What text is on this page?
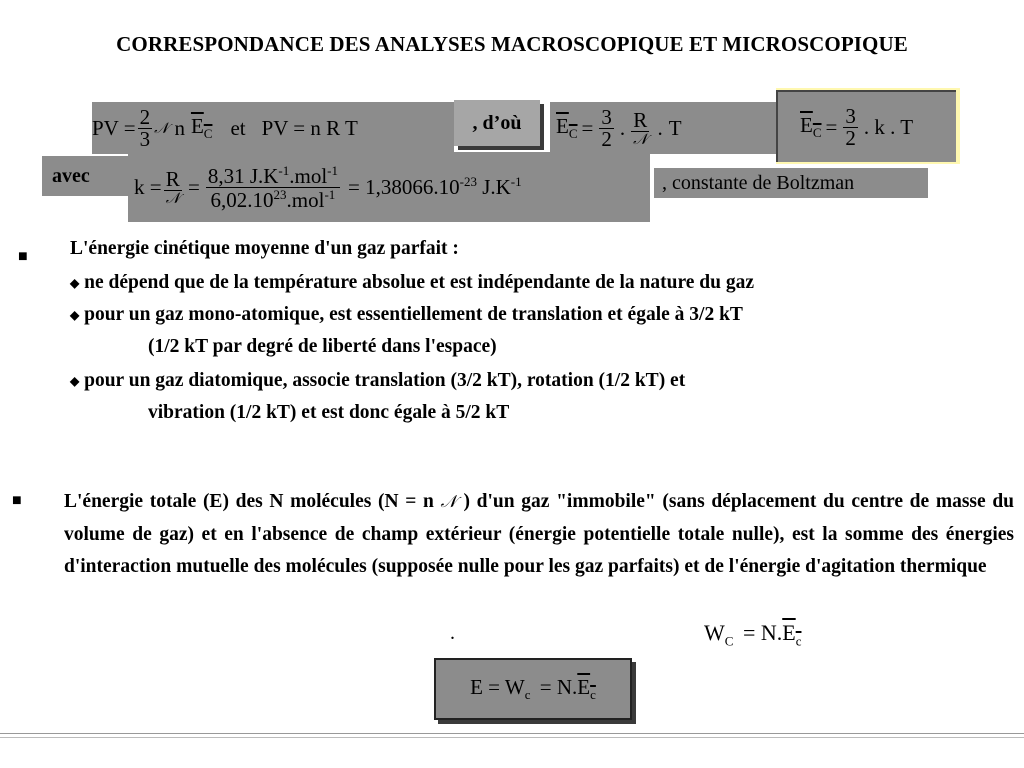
CORRESPONDANCE DES ANALYSES MACROSCOPIQUE ET MICROSCOPIQUE
PV = $\frac{2}{3}$ 𝒩 n $E_C$ et PV = n R T	, d’où $E_C = \frac{3}{2}$ . $\frac{R}{\text{𝒩}}$ . T	$E_C = \frac{3}{2}$ . k . T
avec $k = \frac{R}{\text{𝒩}} = \frac{8,31 J.K^{-1}.mol^{-1}}{6,02.10^{23}.mol^{-1}} = 1,38066.10^{-23}$ $J.K^{-1}$	, constante de Boltzman
■ L'énergie cinétique moyenne d'un gaz parfait :
◆ ne dépend que de la température absolue et est indépendante de la nature du gaz
◆ pour un gaz mono-atomique, est essentiellement de translation et égale à 3/2 kT
(1/2 kT par degré de liberté dans l'espace)
◆ pour un gaz diatomique, associe translation (3/2 kT), rotation (1/2 kT) et
vibration (1/2 kT) et est donc égale à 5/2 kT
■ L'énergie totale (E) des N molécules (N = n 𝒩 ) d'un gaz "immobile" (sans déplacement du centre de masse du volume de gaz) et en l'absence de champ extérieur (énergie potentielle totale nulle), est la somme des énergies d'interaction mutuelle des molécules (supposée nulle pour les gaz parfaits) et de l'énergie d'agitation thermique
.	$W_C = N.E_c$
$E = W_c = N.E_c$
